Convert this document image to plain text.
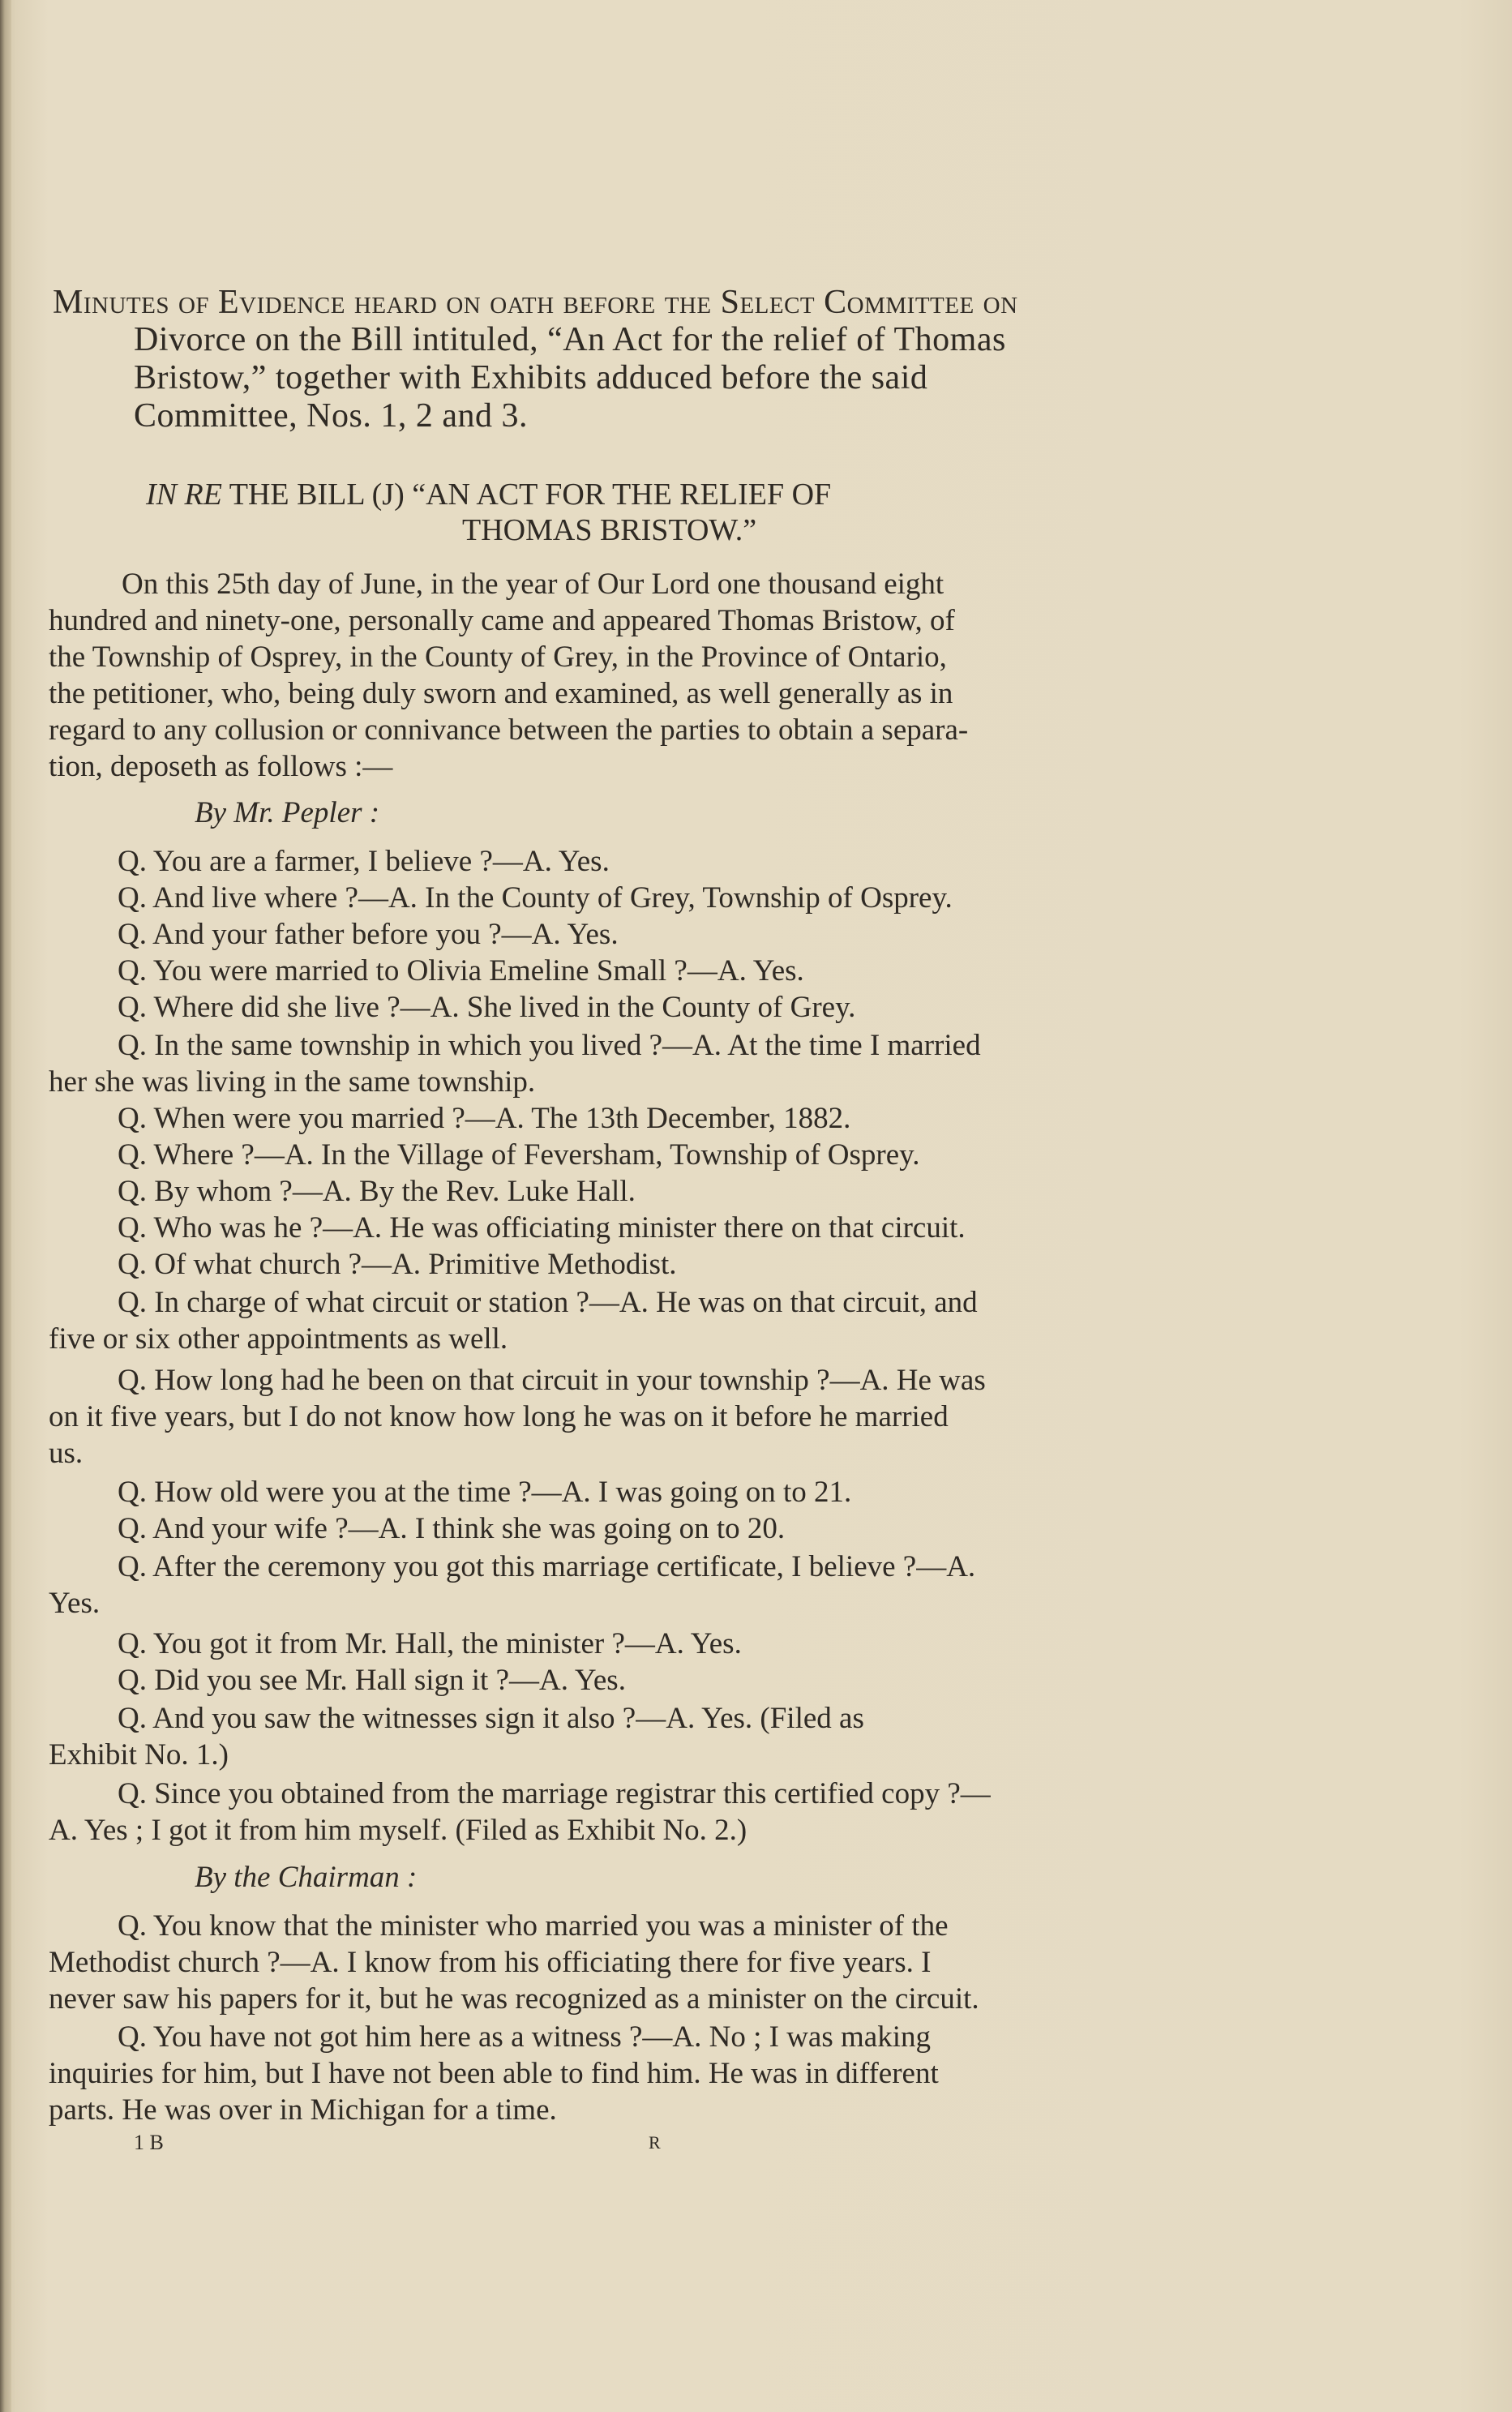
Minutes of Evidence heard on oath before the Select Committee on
Divorce on the Bill intituled, “An Act for the relief of Thomas
Bristow,” together with Exhibits adduced before the said
Committee, Nos. 1, 2 and 3.
IN RE THE BILL (J) “AN ACT FOR THE RELIEF OF
THOMAS BRISTOW.”
On this 25th day of June, in the year of Our Lord one thousand eight
hundred and ninety-one, personally came and appeared Thomas Bristow, of
the Township of Osprey, in the County of Grey, in the Province of Ontario,
the petitioner, who, being duly sworn and examined, as well generally as in
regard to any collusion or connivance between the parties to obtain a separa-
tion, deposeth as follows :—
By Mr. Pepler :
Q. You are a farmer, I believe ?—A. Yes.
Q. And live where ?—A. In the County of Grey, Township of Osprey.
Q. And your father before you ?—A. Yes.
Q. You were married to Olivia Emeline Small ?—A. Yes.
Q. Where did she live ?—A. She lived in the County of Grey.
Q. In the same township in which you lived ?—A. At the time I married
her she was living in the same township.
Q. When were you married ?—A. The 13th December, 1882.
Q. Where ?—A. In the Village of Feversham, Township of Osprey.
Q. By whom ?—A. By the Rev. Luke Hall.
Q. Who was he ?—A. He was officiating minister there on that circuit.
Q. Of what church ?—A. Primitive Methodist.
Q. In charge of what circuit or station ?—A. He was on that circuit, and
five or six other appointments as well.
Q. How long had he been on that circuit in your township ?—A. He was
on it five years, but I do not know how long he was on it before he married
us.
Q. How old were you at the time ?—A. I was going on to 21.
Q. And your wife ?—A. I think she was going on to 20.
Q. After the ceremony you got this marriage certificate, I believe ?—A.
Yes.
Q. You got it from Mr. Hall, the minister ?—A. Yes.
Q. Did you see Mr. Hall sign it ?—A. Yes.
Q. And you saw the witnesses sign it also ?—A. Yes. (Filed as
Exhibit No. 1.)
Q. Since you obtained from the marriage registrar this certified copy ?—
A. Yes ; I got it from him myself. (Filed as Exhibit No. 2.)
By the Chairman :
Q. You know that the minister who married you was a minister of the
Methodist church ?—A. I know from his officiating there for five years. I
never saw his papers for it, but he was recognized as a minister on the circuit.
Q. You have not got him here as a witness ?—A. No ; I was making
inquiries for him, but I have not been able to find him. He was in different
parts. He was over in Michigan for a time.
1 B	R
